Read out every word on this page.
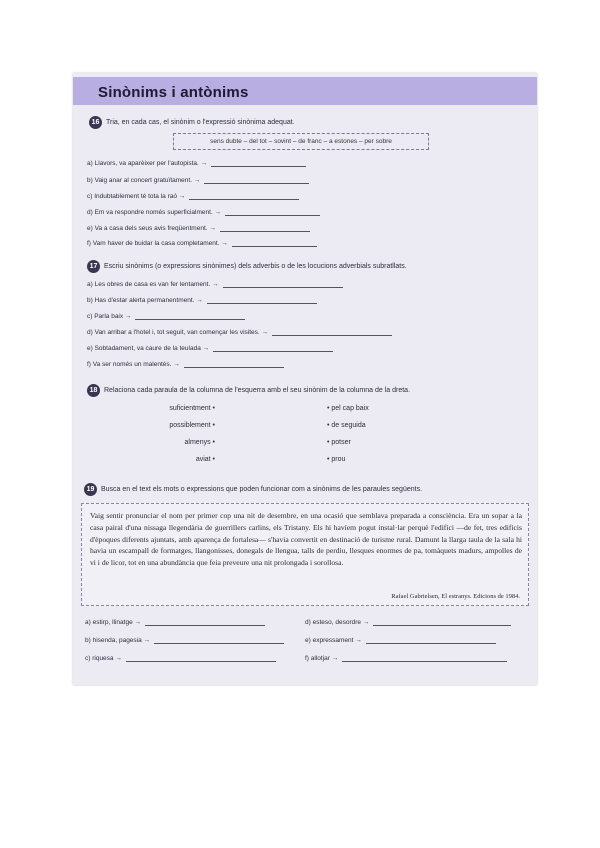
Sinònims i antònims
16 Tria, en cada cas, el sinònim o l'expressió sinònima adequat.
sens dubte – del tot – sovint – de franc – a estones – per sobre
a) Llavors, va aparèixer per l'autopista. →
b) Vaig anar al concert gratuïtament. →
c) Indubtablement té tota la raó →
d) Em va respondre només superficialment. →
e) Va a casa dels seus avis freqüentment. →
f) Vam haver de buidar la casa completament. →
17 Escriu sinònims (o expressions sinònimes) dels adverbis o de les locucions adverbials subratllats.
a) Les obres de casa es van fer lentament. →
b) Has d'estar alerta permanentment. →
c) Parla baix →
d) Van arribar a l'hotel i, tot seguit, van començar les visites. →
e) Sobtadament, va caure de la teulada →
f) Va ser només un malentès. →
18 Relaciona cada paraula de la columna de l'esquerra amb el seu sinònim de la columna de la dreta.
suficientment •
possiblement •
almenys •
aviat •
• pel cap baix
• de seguida
• potser
• prou
19 Busca en el text els mots o expressions que poden funcionar com a sinònims de les paraules següents.
Vaig sentir pronunciar el nom per primer cop una nit de desembre, en una ocasió que semblava preparada a consciència. Era un sopar a la casa pairal d'una nissaga llegendària de guerrillers carlins, els Tristany. Els hi havíem pogut instal·lar perquè l'edifici —de fet, tres edificis d'èpoques diferents ajuntats, amb aparença de fortalesa— s'havia convertit en destinació de turisme rural. Damunt la llarga taula de la sala hi havia un escampall de formatges, llangonisses, donegals de llengua, talls de perdiu, llesques enormes de pa, tomàquets madurs, ampolles de vi i de licor, tot en una abundància que feia preveure una nit prolongada i sorollosa.
Rafael Gabrielsen, El estranys. Edicions de 1984.
a) estirp, llinatge →
b) hisenda, pagesia →
c) riquesa →
d) esteso, desordre →
e) expressament →
f) allotjar →
